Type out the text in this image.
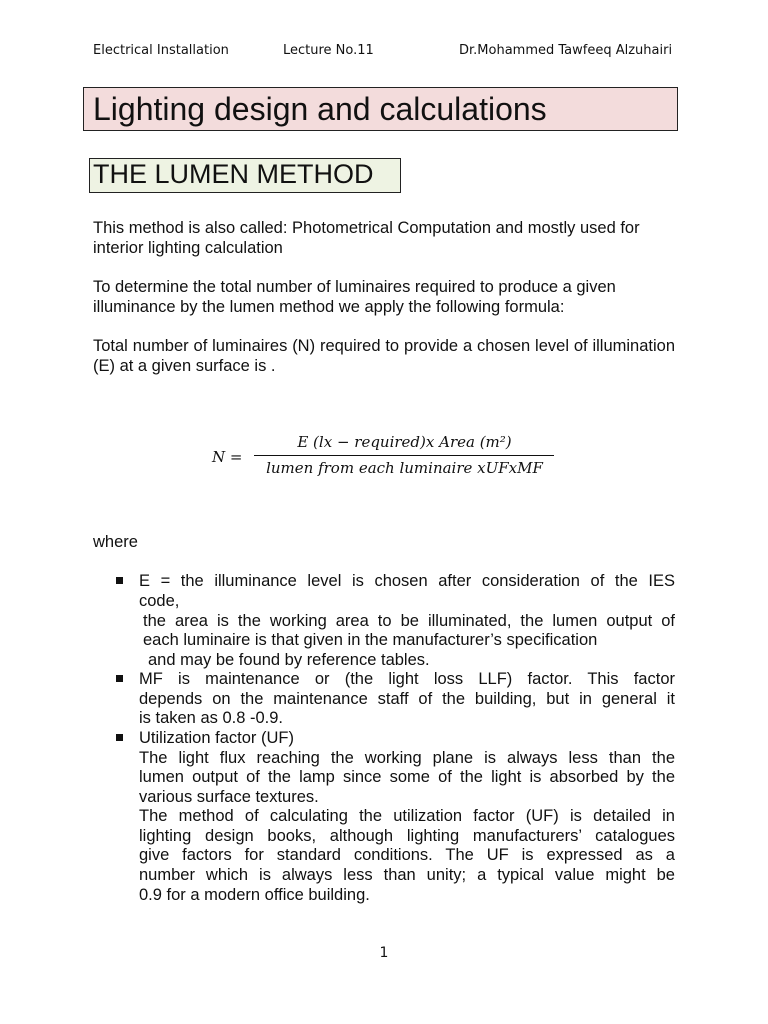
Electrical Installation	Lecture No.11	Dr.Mohammed Tawfeeq Alzuhairi
Lighting design and calculations
THE LUMEN METHOD

This method is also called: Photometrical Computation and mostly used for interior lighting calculation

To determine the total number of luminaires required to produce a given illuminance by the lumen method we apply the following formula:

Total number of luminaires (N) required to provide a chosen level of illumination (E) at a given surface is .

N =
E (lx − required)x Area (m²)
lumen from each luminaire xUFxMF
where
E = the illuminance level is chosen after consideration of the IES
code,
the area is the working area to be illuminated, the lumen output of
each luminaire is that given in the manufacturer’s specification
and may be found by reference tables.
MF is maintenance or (the light loss LLF) factor. This factor
depends on the maintenance staff of the building, but in general it
is taken as 0.8 -0.9.
Utilization factor (UF)
The light flux reaching the working plane is always less than the
lumen output of the lamp since some of the light is absorbed by the
various surface textures.
The method of calculating the utilization factor (UF) is detailed in
lighting design books, although lighting manufacturers’ catalogues
give factors for standard conditions. The UF is expressed as a
number which is always less than unity; a typical value might be
0.9 for a modern office building.
1
